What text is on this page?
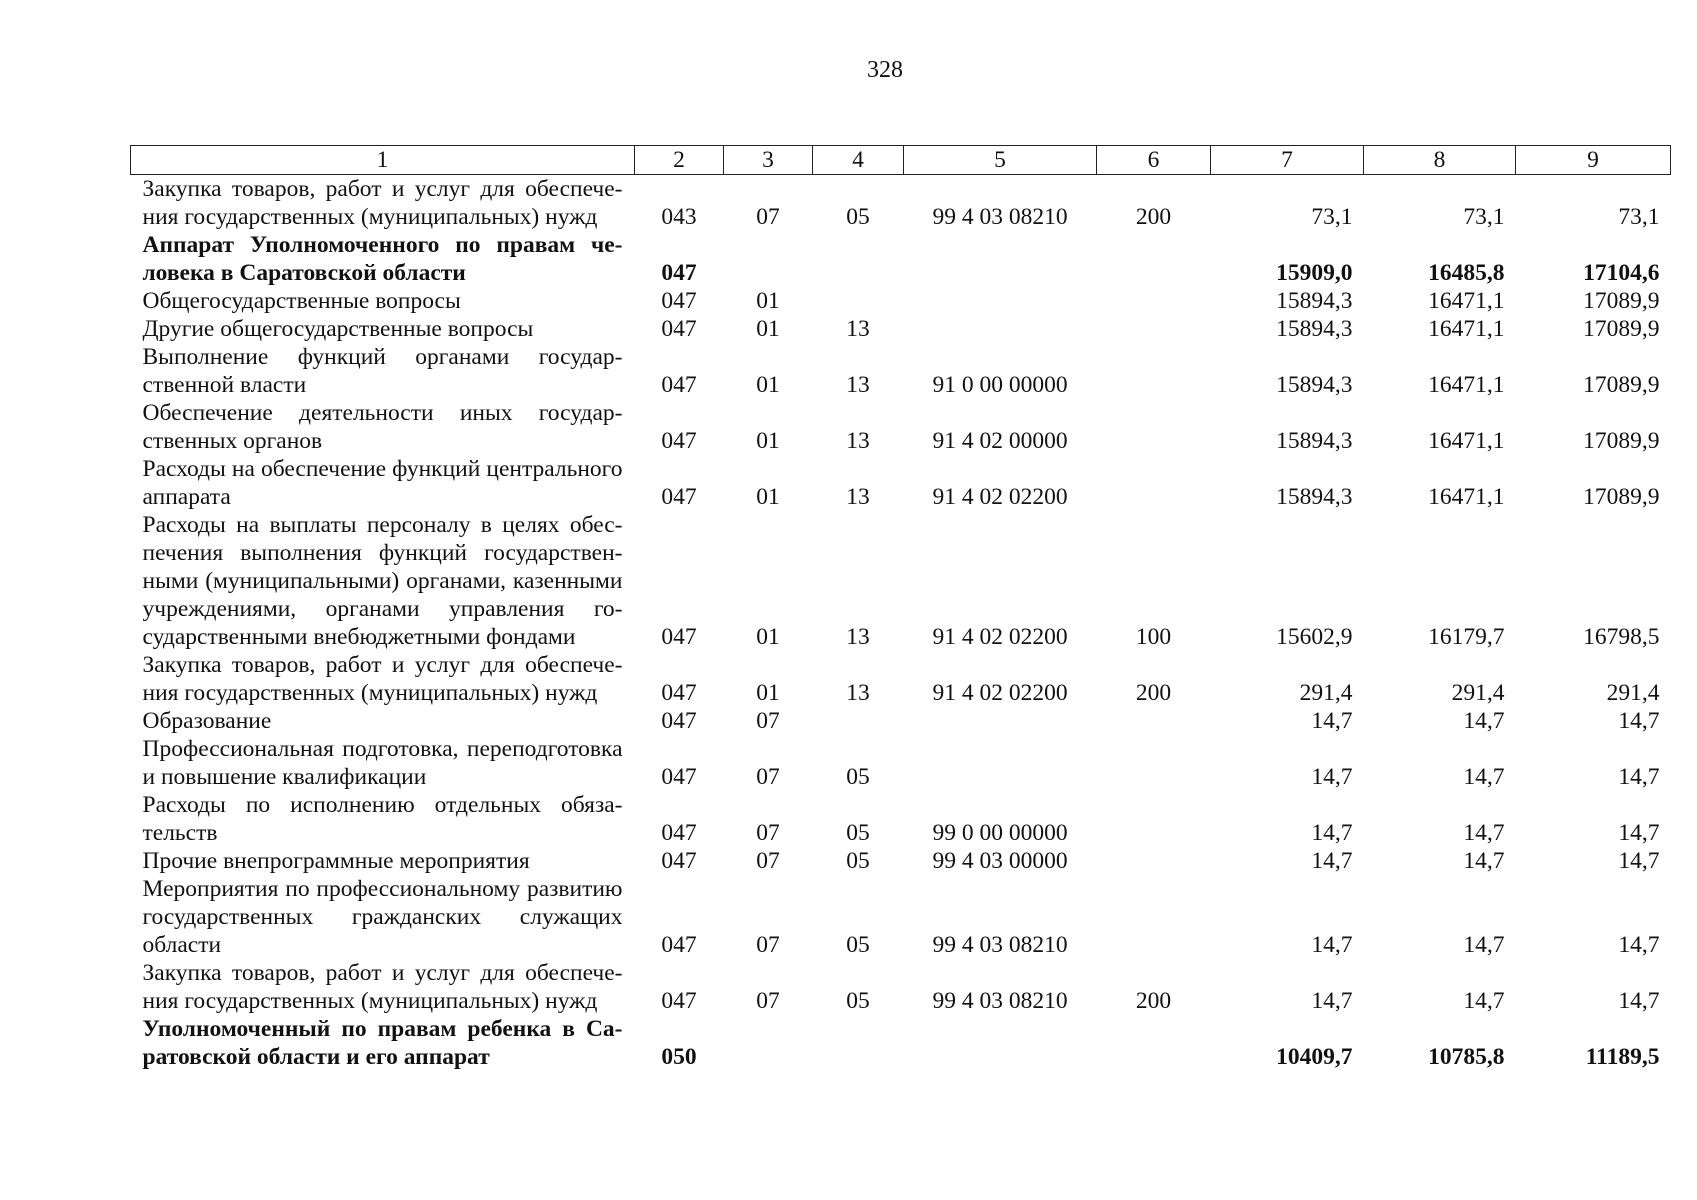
328
1	2	3	4	5	6	7	8	9

Закупка товаров, работ и услуг для обеспечения государственных (муниципальных) нужд	043	07	05	99 4 03 08210	200	73,1	73,1	73,1

Аппарат Уполномоченного по правам человека в Саратовской области	047					15909,0	16485,8	17104,6

Общегосударственные вопросы	047	01				15894,3	16471,1	17089,9

Другие общегосударственные вопросы	047	01	13			15894,3	16471,1	17089,9

Выполнение функций органами государственной власти	047	01	13	91 0 00 00000		15894,3	16471,1	17089,9

Обеспечение деятельности иных государственных органов	047	01	13	91 4 02 00000		15894,3	16471,1	17089,9

Расходы на обеспечение функций центрального аппарата	047	01	13	91 4 02 02200		15894,3	16471,1	17089,9

Расходы на выплаты персоналу в целях обеспечения выполнения функций государственными (муниципальными) органами, казенными учреждениями, органами управления государственными внебюджетными фондами	047	01	13	91 4 02 02200	100	15602,9	16179,7	16798,5

Закупка товаров, работ и услуг для обеспечения государственных (муниципальных) нужд	047	01	13	91 4 02 02200	200	291,4	291,4	291,4

Образование	047	07				14,7	14,7	14,7

Профессиональная подготовка, переподготовка и повышение квалификации	047	07	05			14,7	14,7	14,7

Расходы по исполнению отдельных обязательств	047	07	05	99 0 00 00000		14,7	14,7	14,7

Прочие внепрограммные мероприятия	047	07	05	99 4 03 00000		14,7	14,7	14,7

Мероприятия по профессиональному развитию государственных гражданских служащих области	047	07	05	99 4 03 08210		14,7	14,7	14,7

Закупка товаров, работ и услуг для обеспечения государственных (муниципальных) нужд	047	07	05	99 4 03 08210	200	14,7	14,7	14,7

Уполномоченный по правам ребенка в Саратовской области и его аппарат	050					10409,7	10785,8	11189,5
